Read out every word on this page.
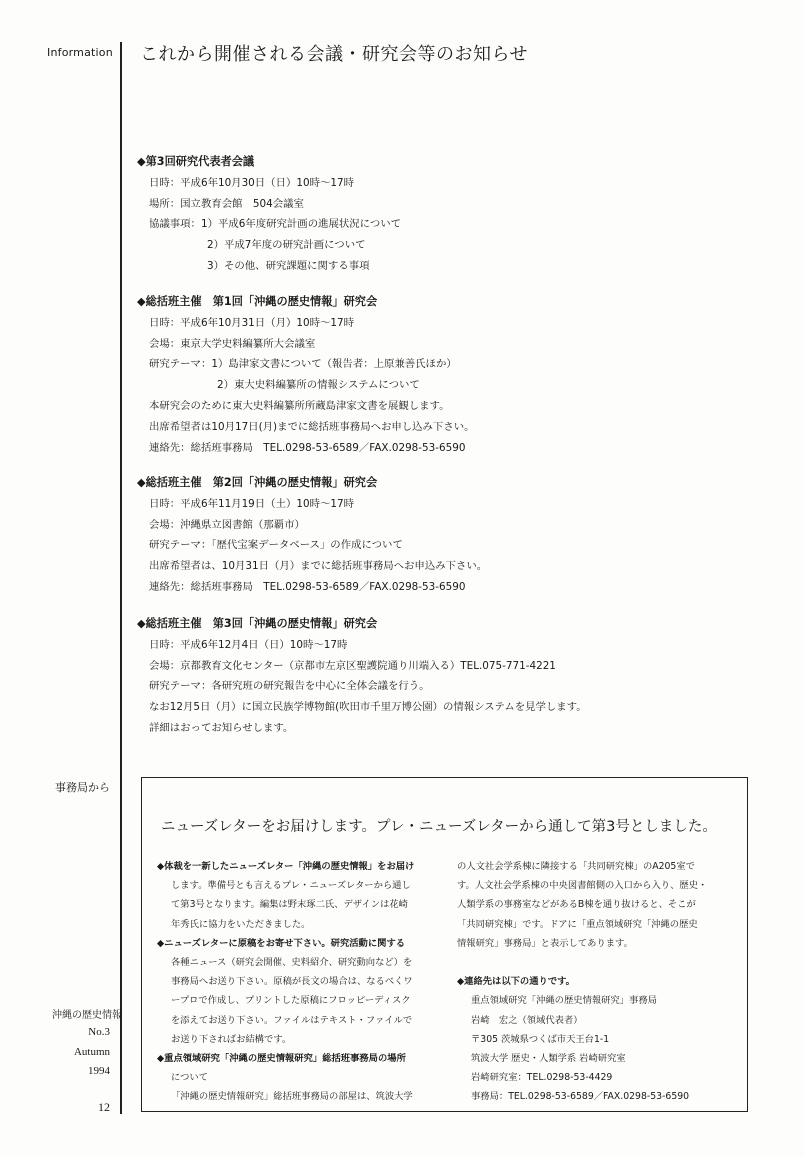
Information これから開催される会議・研究会等のお知らせ
◆第3回研究代表者会議
日時：平成6年10月30日（日）10時～17時
場所：国立教育会館　504会議室
協議事項：1）平成6年度研究計画の進展状況について
2）平成7年度の研究計画について
3）その他、研究課題に関する事項
◆総括班主催　第1回「沖縄の歴史情報」研究会
日時：平成6年10月31日（月）10時～17時
会場：東京大学史料編纂所大会議室
研究テーマ：1）島津家文書について（報告者：上原兼善氏ほか）
2）東大史料編纂所の情報システムについて
本研究会のために東大史料編纂所所蔵島津家文書を展観します。
出席希望者は10月17日(月)までに総括班事務局へお申し込み下さい。
連絡先：総括班事務局　TEL.0298-53-6589／FAX.0298-53-6590
◆総括班主催　第2回「沖縄の歴史情報」研究会
日時：平成6年11月19日（土）10時～17時
会場：沖縄県立図書館（那覇市）
研究テーマ：「歴代宝案データベース」の作成について
出席希望者は、10月31日（月）までに総括班事務局へお申込み下さい。
連絡先：総括班事務局　TEL.0298-53-6589／FAX.0298-53-6590
◆総括班主催　第3回「沖縄の歴史情報」研究会
日時：平成6年12月4日（日）10時～17時
会場：京都教育文化センター（京都市左京区聖護院通り川端入る）TEL.075-771-4221
研究テーマ：各研究班の研究報告を中心に全体会議を行う。
なお12月5日（月）に国立民族学博物館(吹田市千里万博公園）の情報システムを見学します。
詳細はおってお知らせします。
事務局から
ニューズレターをお届けします。プレ・ニューズレターから通して第3号としました。
◆体裁を一新したニューズレター「沖縄の歴史情報」をお届け
します。準備号とも言えるプレ・ニューズレターから通し
て第3号となります。編集は野末琢二氏、デザインは花崎
年秀氏に協力をいただきました。
◆ニューズレターに原稿をお寄せ下さい。研究活動に関する
各種ニュース（研究会開催、史料紹介、研究動向など）を
事務局へお送り下さい。原稿が長文の場合は、なるべくワ
ープロで作成し、プリントした原稿にフロッピーディスク
を添えてお送り下さい。ファイルはテキスト・ファイルで
お送り下さればお結構です。
◆重点領域研究「沖縄の歴史情報研究」総括班事務局の場所
について
「沖縄の歴史情報研究」総括班事務局の部屋は、筑波大学
の人文社会学系棟に隣接する「共同研究棟」のA205室で
す。人文社会学系棟の中央図書館側の入口から入り、歴史・
人類学系の事務室などがあるB棟を通り抜けると、そこが
「共同研究棟」です。ドアに「重点領域研究「沖縄の歴史
情報研究」事務局」と表示してあります。

◆連絡先は以下の通りです。
重点領域研究「沖縄の歴史情報研究」事務局
岩崎　宏之（領域代表者）
〒305 茨城県つくば市天王台1-1
筑波大学 歴史・人類学系 岩崎研究室
岩崎研究室：TEL.0298-53-4429
事務局：TEL.0298-53-6589／FAX.0298-53-6590
沖縄の歴史情報
No.3
Autumn
1994
12
